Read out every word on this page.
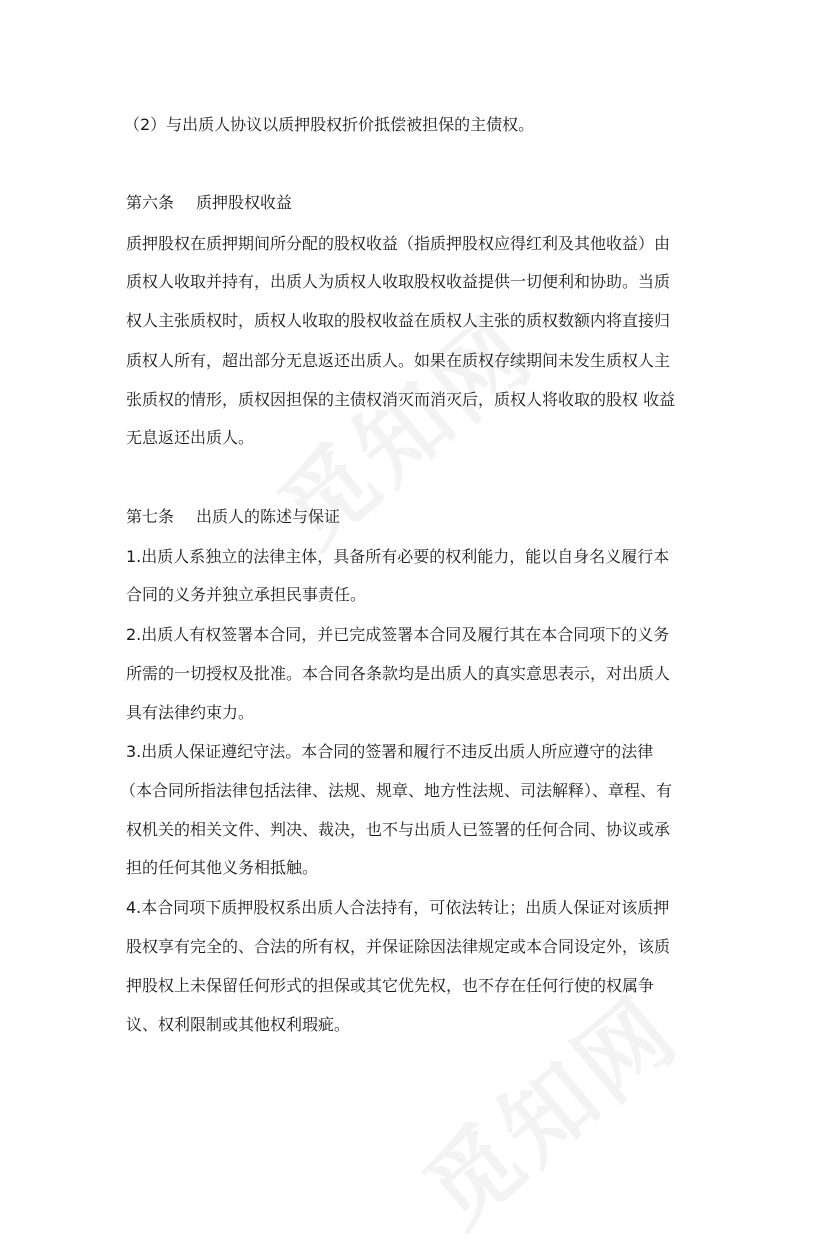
（2）与出质人协议以质押股权折价抵偿被担保的主债权。
第六条 质押股权收益
质押股权在质押期间所分配的股权收益（指质押股权应得红利及其他收益）由
质权人收取并持有，出质人为质权人收取股权收益提供一切便利和协助。当质
权人主张质权时，质权人收取的股权收益在质权人主张的质权数额内将直接归
质权人所有，超出部分无息返还出质人。如果在质权存续期间未发生质权人主
张质权的情形，质权因担保的主债权消灭而消灭后，质权人将收取的股权 收益
无息返还出质人。
第七条 出质人的陈述与保证
1.出质人系独立的法律主体，具备所有必要的权利能力，能以自身名义履行本
合同的义务并独立承担民事责任。
2.出质人有权签署本合同，并已完成签署本合同及履行其在本合同项下的义务
所需的一切授权及批准。本合同各条款均是出质人的真实意思表示，对出质人
具有法律约束力。
3.出质人保证遵纪守法。本合同的签署和履行不违反出质人所应遵守的法律
（本合同所指法律包括法律、法规、规章、地方性法规、司法解释）、章程、有
权机关的相关文件、判决、裁决，也不与出质人已签署的任何合同、协议或承
担的任何其他义务相抵触。
4.本合同项下质押股权系出质人合法持有，可依法转让；出质人保证对该质押
股权享有完全的、合法的所有权，并保证除因法律规定或本合同设定外，该质
押股权上未保留任何形式的担保或其它优先权，也不存在任何行使的权属争
议、权利限制或其他权利瑕疵。
